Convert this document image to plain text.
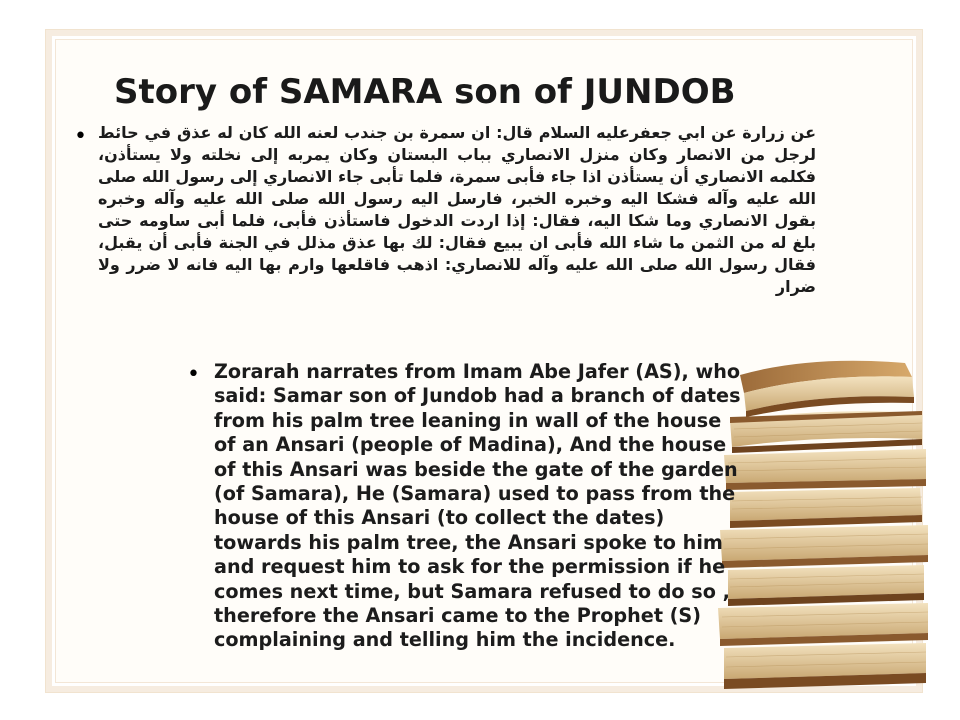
Story of SAMARA son of JUNDOB
• عن زرارة عن ابي جعفرعليه السلام قال: ان سمرة بن جندب لعنه الله كان له عذق في حائط لرجل من الانصار وكان منزل الانصاري بباب البستان وكان يمربه إلى نخلته ولا يستأذن، فكلمه الانصاري أن يستأذن اذا جاء فأبى سمرة، فلما تأبى جاء الانصاري إلى رسول الله صلى الله عليه وآله فشكا اليه وخبره الخبر، فارسل اليه رسول الله صلى الله عليه وآله وخبره بقول الانصاري وما شكا اليه، فقال: إذا اردت الدخول فاستأذن فأبى، فلما أبى ساومه حتى بلغ له من الثمن ما شاء الله فأبى ان يبيع فقال: لك بها عذق مذلل في الجنة فأبى أن يقبل، فقال رسول الله صلى الله عليه وآله للانصاري: اذهب فاقلعها وارم بها اليه فانه لا ضرر ولا ضرار
• Zorarah narrates from Imam Abe Jafer (AS), who said: Samar son of Jundob had a branch of dates from his palm tree leaning in wall of the house of an Ansari (people of Madina), And the house of this Ansari was beside the gate of the garden (of Samara), He (Samara) used to pass from the house of this Ansari (to collect the dates) towards his palm tree, the Ansari spoke to him and request him to ask for the permission if he comes next time, but Samara refused to do so , therefore the Ansari came to the Prophet (S) complaining and telling him the incidence.
